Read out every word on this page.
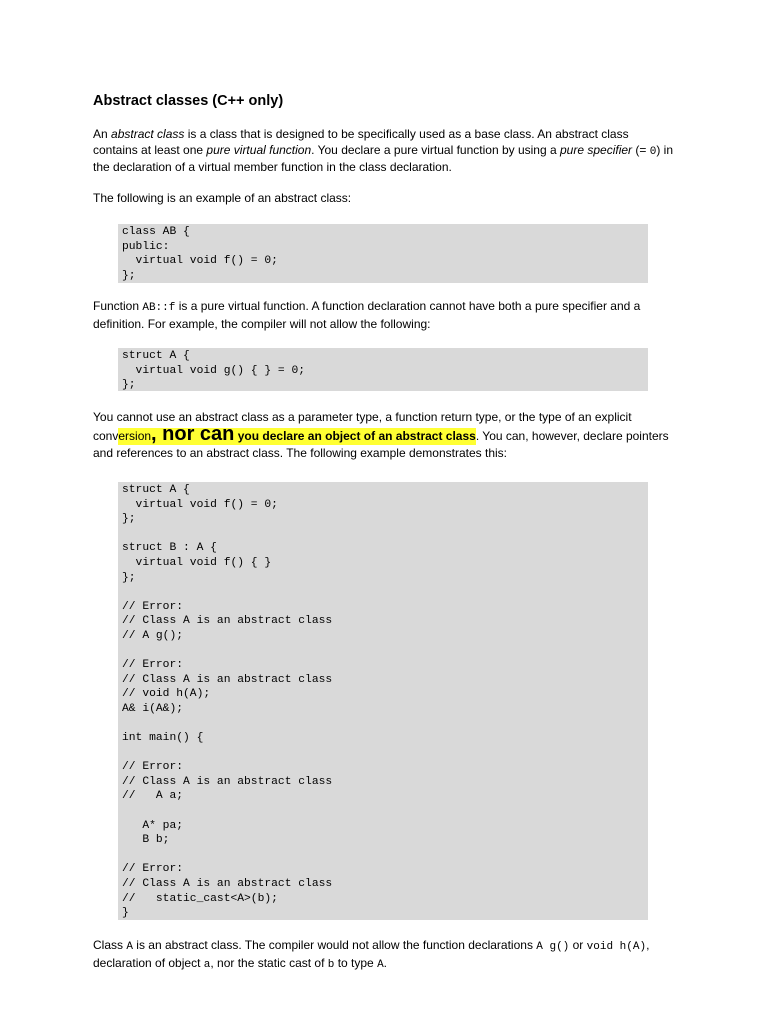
Abstract classes (C++ only)

An abstract class is a class that is designed to be specifically used as a base class. An abstract class contains at least one pure virtual function. You declare a pure virtual function by using a pure specifier (= 0) in the declaration of a virtual member function in the class declaration.

The following is an example of an abstract class:

class AB {
public:
virtual void f() = 0;
};

Function AB::f is a pure virtual function. A function declaration cannot have both a pure specifier and a definition. For example, the compiler will not allow the following:

struct A {
virtual void g() { } = 0;
};

You cannot use an abstract class as a parameter type, a function return type, or the type of an explicit conversion, nor can you declare an object of an abstract class. You can, however, declare pointers and references to an abstract class. The following example demonstrates this:

struct A {
virtual void f() = 0;
};

struct B : A {
virtual void f() { }
};

// Error:
// Class A is an abstract class
// A g();

// Error:
// Class A is an abstract class
// void h(A);
A& i(A&);

int main() {

// Error:
// Class A is an abstract class
//   A a;

A* pa;
B b;

// Error:
// Class A is an abstract class
//   static_cast<A>(b);
}

Class A is an abstract class. The compiler would not allow the function declarations A g() or void h(A), declaration of object a, nor the static cast of b to type A.
